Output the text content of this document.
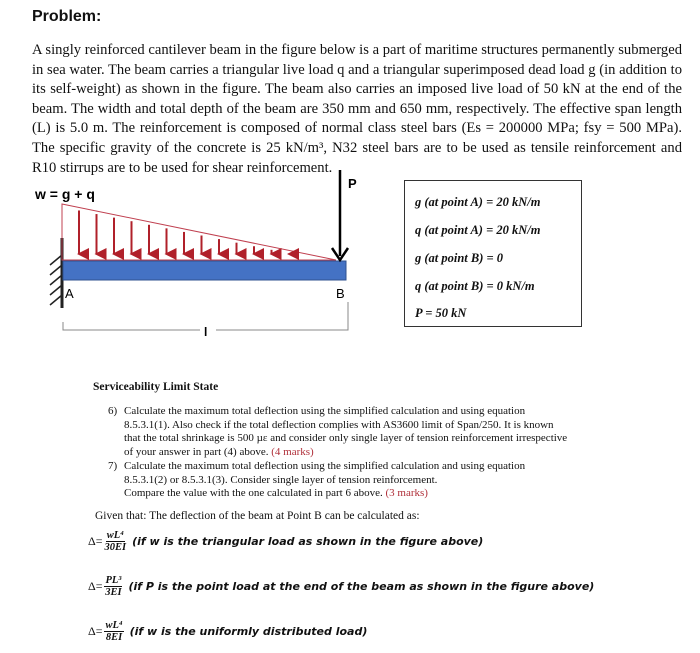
Problem:
A singly reinforced cantilever beam in the figure below is a part of maritime structures permanently submerged in sea water. The beam carries a triangular live load q and a triangular superimposed dead load g (in addition to its self-weight) as shown in the figure. The beam also carries an imposed live load of 50 kN at the end of the beam. The width and total depth of the beam are 350 mm and 650 mm, respectively. The effective span length (L) is 5.0 m. The reinforcement is composed of normal class steel bars (Es = 200000 MPa; fsy = 500 MPa). The specific gravity of the concrete is 25 kN/m³, N32 steel bars are to be used as tensile reinforcement and R10 stirrups are to be used for shear reinforcement.
w = g + q
P
A	B
l
g (at point A) = 20 kN/m
q (at point A) = 20 kN/m
g (at point B) = 0
q (at point B) = 0 kN/m
P = 50 kN
Serviceability Limit State
6) Calculate the maximum total deflection using the simplified calculation and using equation
8.5.3.1(1). Also check if the total deflection complies with AS3600 limit of Span/250. It is known
that the total shrinkage is 500 µε and consider only single layer of tension reinforcement irrespective
of your answer in part (4) above. (4 marks)
7) Calculate the maximum total deflection using the simplified calculation and using equation
8.5.3.1(2) or 8.5.3.1(3). Consider single layer of tension reinforcement.
Compare the value with the one calculated in part 6 above. (3 marks)
Given that: The deflection of the beam at Point B can be calculated as:
$\Delta= \frac{\text{wL⁴}}{30EI} (if$ w is the triangular load as shown in the figure above)
$\Delta= \frac{\text{PL³}}{3EI} (if$ P is the point load at the end of the beam as shown in the figure above)
$\Delta= \frac{\text{wL⁴}}{8EI} (if$ w is the uniformly distributed load)
